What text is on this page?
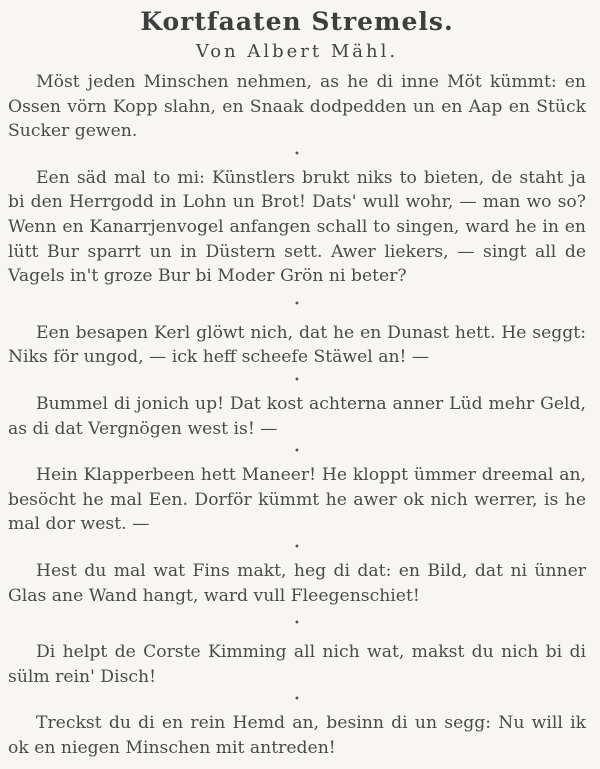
Kortfaaten Stremels.
Von Albert Mähl.

Möst jeden Minschen nehmen, as he di inne Möt kümmt: en Ossen vörn Kopp slahn, en Snaak dodpedden un en Aap en Stück Sucker gewen.

•

Een säd mal to mi: Künstlers brukt niks to bieten, de staht ja bi den Herrgodd in Lohn un Brot! Dats' wull wohr, — man wo so? Wenn en Kanarrjenvogel anfangen schall to singen, ward he in en lütt Bur sparrt un in Düstern sett. Awer liekers, — singt all de Vagels in't groze Bur bi Moder Grön ni beter?

•

Een besapen Kerl glöwt nich, dat he en Dunast hett. He seggt: Niks för ungod, — ick heff scheefe Stäwel an! —

•

Bummel di jonich up! Dat kost achterna anner Lüd mehr Geld, as di dat Vergnögen west is! —

•

Hein Klapperbeen hett Maneer! He kloppt ümmer dreemal an, besöcht he mal Een. Dorför kümmt he awer ok nich werrer, is he mal dor west. —

•

Hest du mal wat Fins makt, heg di dat: en Bild, dat ni ünner Glas ane Wand hangt, ward vull Fleegenschiet!

•

Di helpt de Corste Kimming all nich wat, makst du nich bi di sülm rein' Disch!

•

Treckst du di en rein Hemd an, besinn di un segg: Nu will ik ok en niegen Minschen mit antreden!
